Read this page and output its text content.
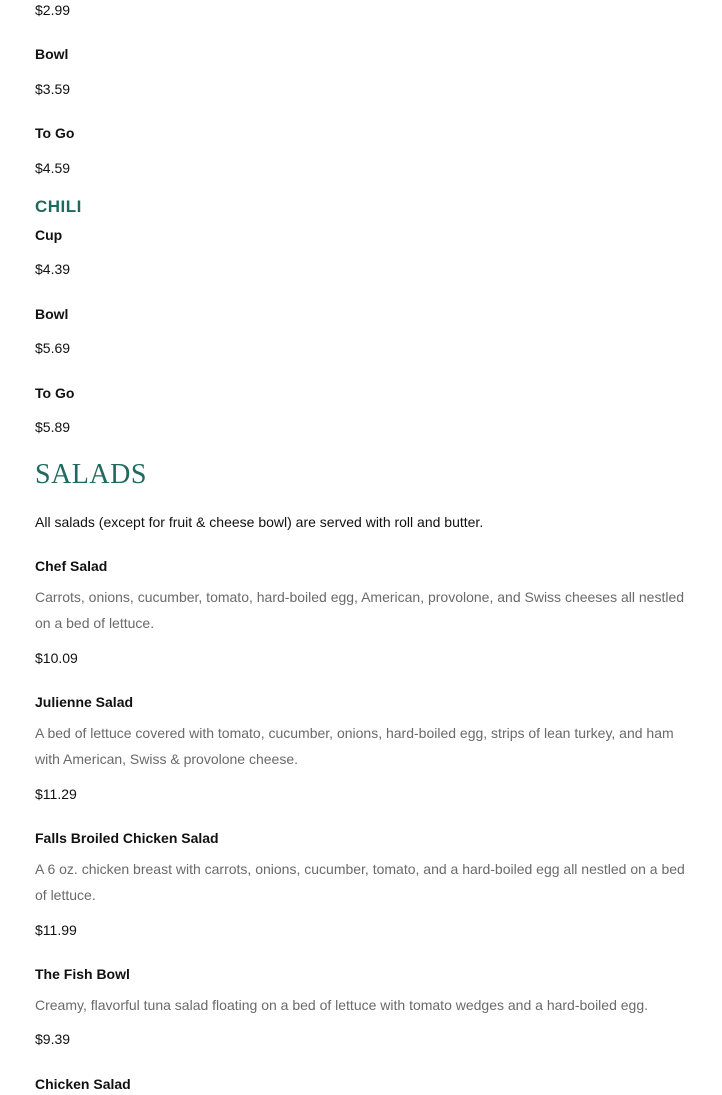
$2.99
Bowl
$3.59
To Go
$4.59
CHILI
Cup
$4.39
Bowl
$5.69
To Go
$5.89
SALADS
All salads (except for fruit & cheese bowl) are served with roll and butter.
Chef Salad
Carrots, onions, cucumber, tomato, hard-boiled egg, American, provolone, and Swiss cheeses all nestled on a bed of lettuce.
$10.09
Julienne Salad
A bed of lettuce covered with tomato, cucumber, onions, hard-boiled egg, strips of lean turkey, and ham with American, Swiss & provolone cheese.
$11.29
Falls Broiled Chicken Salad
A 6 oz. chicken breast with carrots, onions, cucumber, tomato, and a hard-boiled egg all nestled on a bed of lettuce.
$11.99
The Fish Bowl
Creamy, flavorful tuna salad floating on a bed of lettuce with tomato wedges and a hard-boiled egg.
$9.39
Chicken Salad
